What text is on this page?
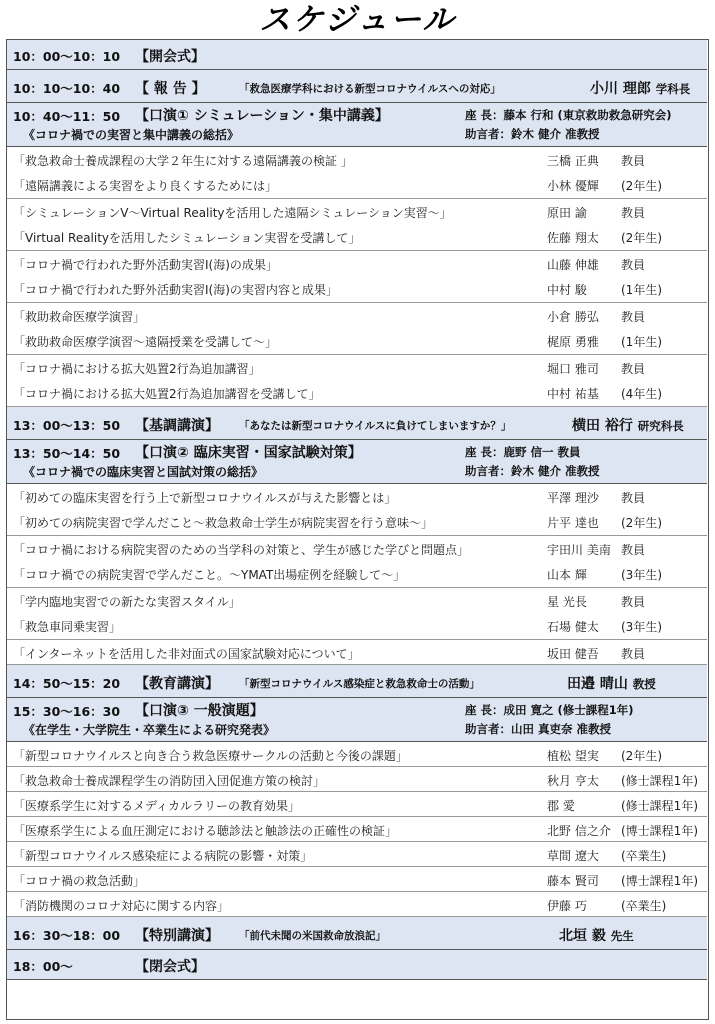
スケジュール
10：00〜10：10 【開会式】
10：10〜10：40 【 報 告 】	「救急医療学科における新型コロナウイルスへの対応」	小川 理郎 学科長
10：40〜11：50 【口演① シミュレーション・集中講義】
《コロナ禍での実習と集中講義の総括》
座 長：藤本 行和 (東京救助救急研究会)
助言者：鈴木 健介 准教授
「救急救命士養成課程の大学２年生に対する遠隔講義の検証 」	三橋 正典 教員
「遠隔講義による実習をより良くするためには」	小林 優輝 (2年生)
「シミュレーションⅤ〜Virtual Realityを活用した遠隔シミュレーション実習〜」	原田 諭	教員
「Virtual Realityを活用したシミュレーション実習を受講して」	佐藤 翔太 (2年生)
「コロナ禍で行われた野外活動実習Ⅰ(海)の成果」	山藤 伸雄 教員
「コロナ禍で行われた野外活動実習Ⅰ(海)の実習内容と成果」	中村 駿	(1年生)
「救助救命医療学演習」	小倉 勝弘 教員
「救助救命医療学演習〜遠隔授業を受講して〜」	梶原 勇雅 (1年生)
「コロナ禍における拡大処置2行為追加講習」	堀口 雅司 教員
「コロナ禍における拡大処置2行為追加講習を受講して」	中村 祐基 (4年生)
13：00〜13：50 【基調講演】 「あなたは新型コロナウイルスに負けてしまいますか？」	横田 裕行 研究科長
13：50〜14：50 【口演② 臨床実習・国家試験対策】
《コロナ禍での臨床実習と国試対策の総括》
座 長：鹿野 信一 教員
助言者：鈴木 健介 准教授
「初めての臨床実習を行う上で新型コロナウイルスが与えた影響とは」	平澤 理沙 教員
「初めての病院実習で学んだこと〜救急救命士学生が病院実習を行う意味〜」	片平 達也 (2年生)
「コロナ禍における病院実習のための当学科の対策と、学生が感じた学びと問題点」	宇田川 美南 教員
「コロナ禍での病院実習で学んだこと。〜YMAT出場症例を経験して〜」	山本 輝	(3年生)
「学内臨地実習での新たな実習スタイル」	星 光長	教員
「救急車同乗実習」	石場 健太 (3年生)
「インターネットを活用した非対面式の国家試験対応について」	坂田 健吾 教員
14：50〜15：20 【教育講演】 「新型コロナウイルス感染症と救急救命士の活動」	田邉 晴山 教授
15：30〜16：30 【口演③ 一般演題】
《在学生・大学院生・卒業生による研究発表》
座 長：成田 寛之 (修士課程1年)
助言者：山田 真吏奈 准教授
「新型コロナウイルスと向き合う救急医療サークルの活動と今後の課題」	植松 望実 (2年生)
「救急救命士養成課程学生の消防団入団促進方策の検討」	秋月 亨太 (修士課程1年)
「医療系学生に対するメディカルラリーの教育効果」	郡 愛	(修士課程1年)
「医療系学生による血圧測定における聴診法と触診法の正確性の検証」	北野 信之介 (博士課程1年)
「新型コロナウイルス感染症による病院の影響・対策」	草間 遼大 (卒業生)
「コロナ禍の救急活動」	藤本 賢司 (博士課程1年)
「消防機関のコロナ対応に関する内容」	伊藤 巧	(卒業生)
16：30〜18：00 【特別講演】 「前代未聞の米国救命放浪記」	北垣 毅 先生
18：00〜	【閉会式】
